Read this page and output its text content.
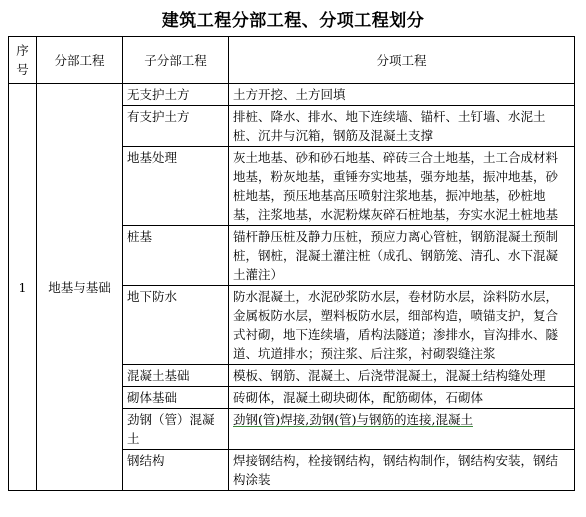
建筑工程分部工程、分项工程划分
序
号	分部工程	子分部工程	分项工程
1	地基与基础	无支护土方	土方开挖、土方回填
		有支护土方	排桩、降水、排水、地下连续墙、锚杆、土钉墙、水泥土桩、沉井与沉箱，钢筋及混凝土支撑
		地基处理	灰土地基、砂和砂石地基、碎砖三合土地基，土工合成材料地基，粉灰地基，重锤夯实地基，强夯地基，振冲地基，砂桩地基，预压地基高压喷射注浆地基，振冲地基，砂桩地基，注浆地基，水泥粉煤灰碎石桩地基，夯实水泥土桩地基
		桩基	锚杆静压桩及静力压桩，预应力离心管桩，钢筋混凝土预制桩，钢桩，混凝土灌注桩（成孔、钢筋笼、清孔、水下混凝土灌注）
		地下防水	防水混凝土，水泥砂浆防水层，卷材防水层，涂料防水层，金属板防水层，塑料板防水层，细部构造，喷锚支护，复合式衬砌，地下连续墙，盾构法隧道；渗排水，盲沟排水、隧道、坑道排水；预注浆、后注浆，衬砌裂缝注浆
		混凝土基础	模板、钢筋、混凝土、后浇带混凝土，混凝土结构缝处理
		砌体基础	砖砌体，混凝土砌块砌体，配筋砌体，石砌体
		劲钢（管）混凝土	劲钢(管)焊接,劲钢(管)与钢筋的连接,混凝土
		钢结构	焊接钢结构，栓接钢结构，钢结构制作，钢结构安装，钢结构涂装
